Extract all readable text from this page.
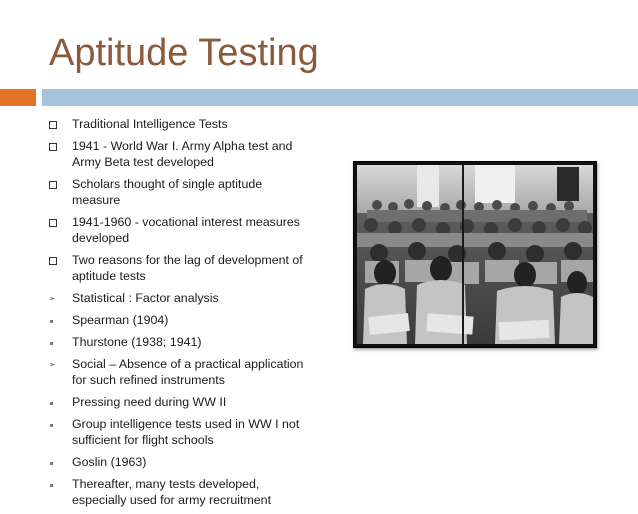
Aptitude Testing
Traditional Intelligence Tests
1941 - World War I. Army Alpha test and Army Beta test developed
Scholars thought of single aptitude measure
1941-1960 - vocational interest measures developed
Two reasons for the lag of development of aptitude tests
➢ Statistical : Factor analysis
Spearman (1904)
Thurstone (1938; 1941)
➢ Social – Absence of a practical application for such refined instruments
Pressing need during WW II
Group intelligence tests used in WW I not sufficient for flight schools
Goslin (1963)
Thereafter, many tests developed, especially used for army recruitment
